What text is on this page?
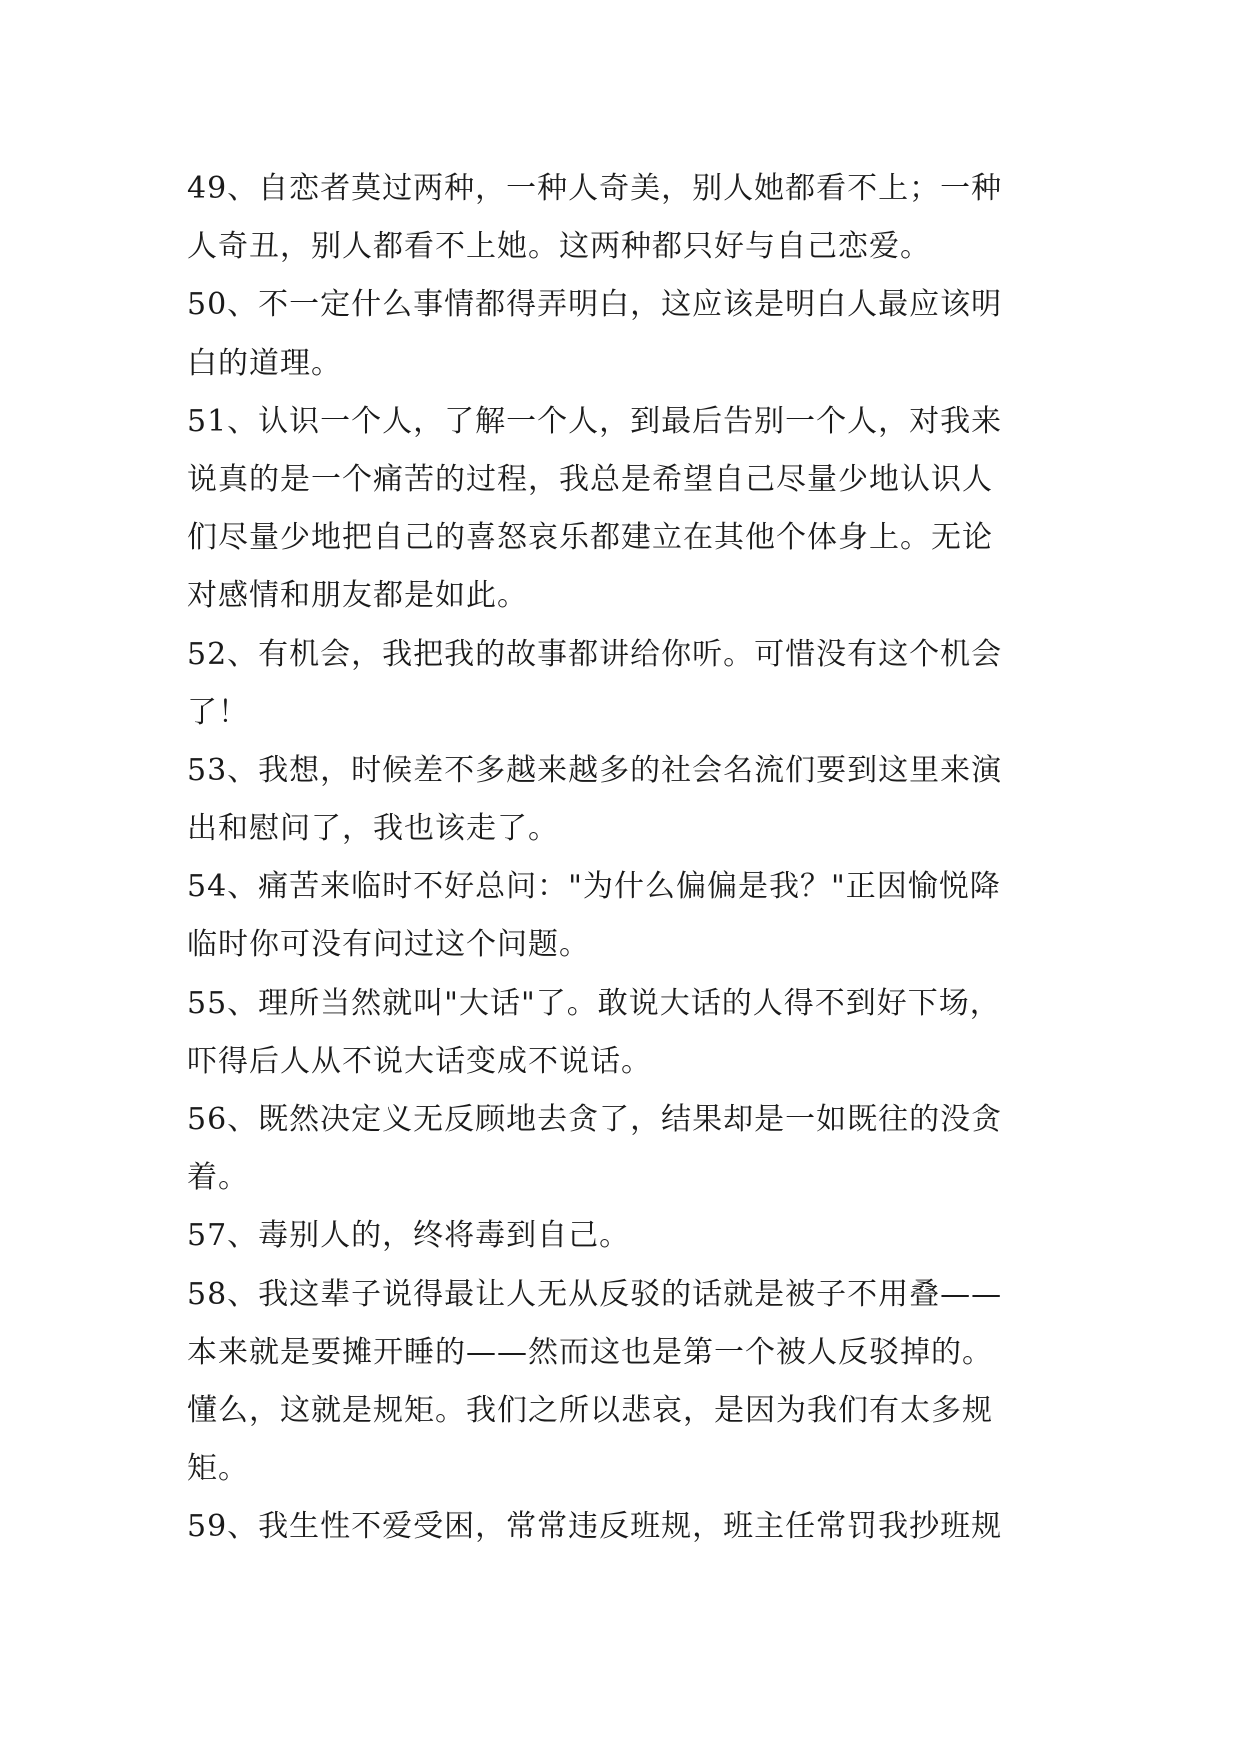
49、自恋者莫过两种，一种人奇美，别人她都看不上；一种

人奇丑，别人都看不上她。这两种都只好与自己恋爱。

50、不一定什么事情都得弄明白，这应该是明白人最应该明

白的道理。

51、认识一个人，了解一个人，到最后告别一个人，对我来

说真的是一个痛苦的过程，我总是希望自己尽量少地认识人

们尽量少地把自己的喜怒哀乐都建立在其他个体身上。无论

对感情和朋友都是如此。

52、有机会，我把我的故事都讲给你听。可惜没有这个机会

了！

53、我想，时候差不多越来越多的社会名流们要到这里来演

出和慰问了，我也该走了。

54、痛苦来临时不好总问："为什么偏偏是我？"正因愉悦降

临时你可没有问过这个问题。

55、理所当然就叫"大话"了。敢说大话的人得不到好下场，

吓得后人从不说大话变成不说话。

56、既然决定义无反顾地去贪了，结果却是一如既往的没贪

着。

57、毒别人的，终将毒到自己。

58、我这辈子说得最让人无从反驳的话就是被子不用叠——

本来就是要摊开睡的——然而这也是第一个被人反驳掉的。

懂么，这就是规矩。我们之所以悲哀，是因为我们有太多规

矩。

59、我生性不爱受困，常常违反班规，班主任常罚我抄班规
